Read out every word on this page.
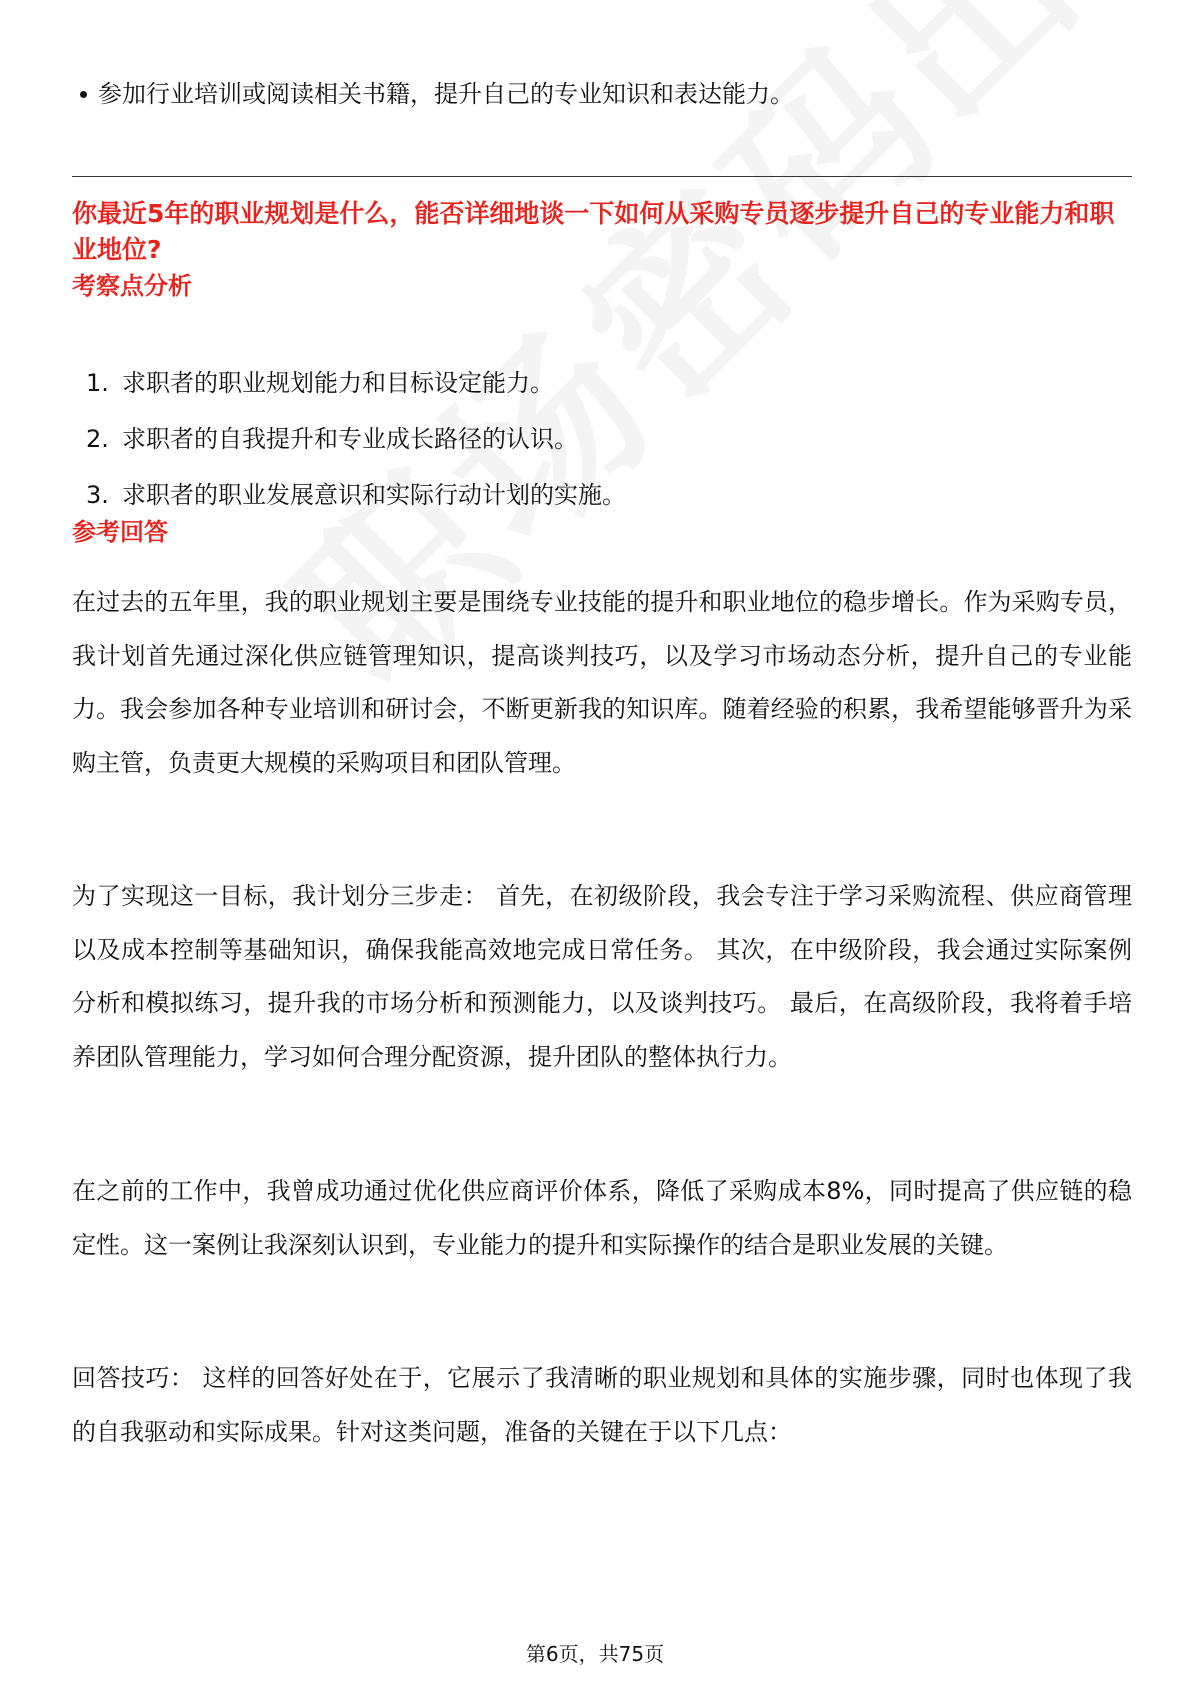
参加行业培训或阅读相关书籍，提升自己的专业知识和表达能力。
你最近5年的职业规划是什么，能否详细地谈一下如何从采购专员逐步提升自己的专业能力和职业地位?
考察点分析
1. 求职者的职业规划能力和目标设定能力。
2. 求职者的自我提升和专业成长路径的认识。
3. 求职者的职业发展意识和实际行动计划的实施。
参考回答

在过去的五年里，我的职业规划主要是围绕专业技能的提升和职业地位的稳步增长。作为采购专员，我计划首先通过深化供应链管理知识，提高谈判技巧，以及学习市场动态分析，提升自己的专业能力。我会参加各种专业培训和研讨会，不断更新我的知识库。随着经验的积累，我希望能够晋升为采购主管，负责更大规模的采购项目和团队管理。

为了实现这一目标，我计划分三步走： 首先，在初级阶段，我会专注于学习采购流程、供应商管理以及成本控制等基础知识，确保我能高效地完成日常任务。 其次，在中级阶段，我会通过实际案例分析和模拟练习，提升我的市场分析和预测能力，以及谈判技巧。 最后，在高级阶段，我将着手培养团队管理能力，学习如何合理分配资源，提升团队的整体执行力。

在之前的工作中，我曾成功通过优化供应商评价体系，降低了采购成本8%，同时提高了供应链的稳定性。这一案例让我深刻认识到，专业能力的提升和实际操作的结合是职业发展的关键。

回答技巧： 这样的回答好处在于，它展示了我清晰的职业规划和具体的实施步骤，同时也体现了我的自我驱动和实际成果。针对这类问题，准备的关键在于以下几点：

第6页，共75页
